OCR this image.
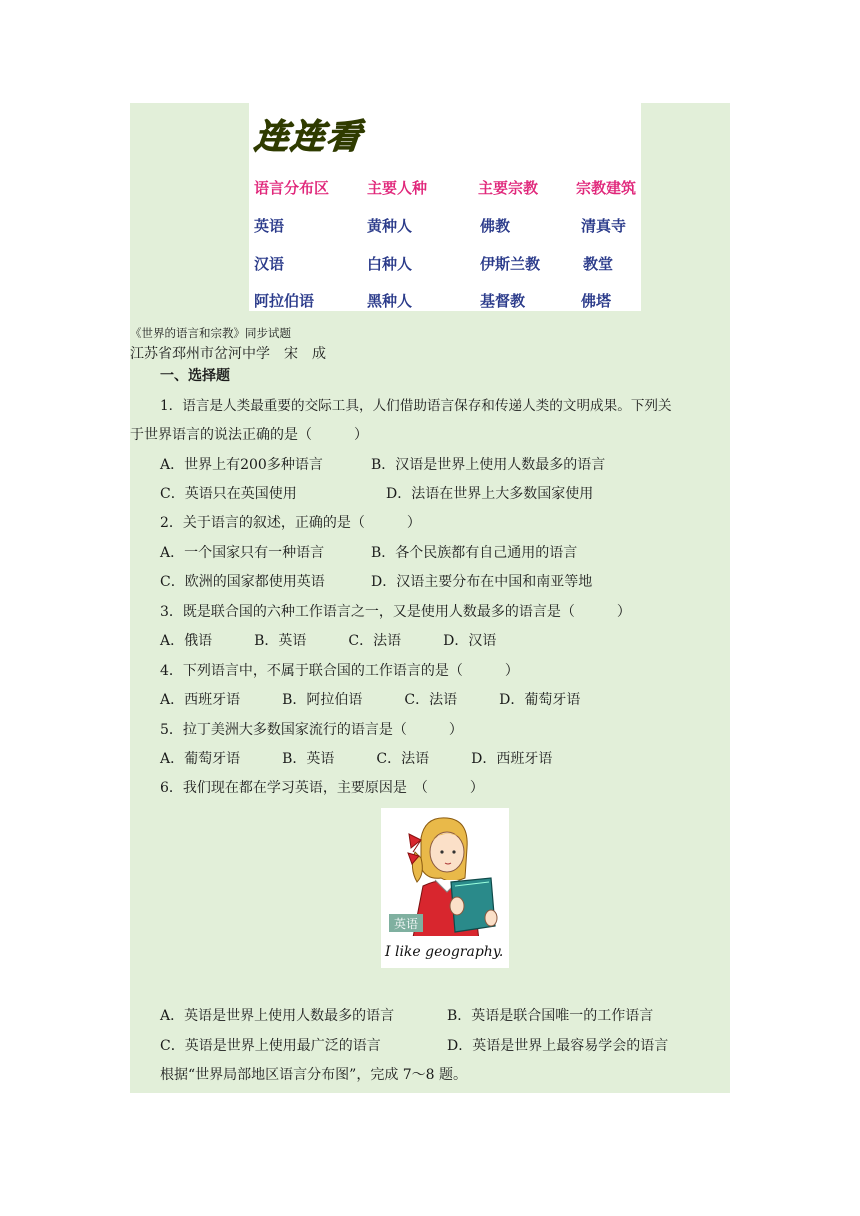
连连看
语言分布区	主要人种	主要宗教	宗教建筑
英语	黄种人	佛教	清真寺
汉语	白种人	伊斯兰教	教堂
阿拉伯语	黑种人	基督教	佛塔
《世界的语言和宗教》同步试题
江苏省邳州市岔河中学　宋　成
一、选择题
1．语言是人类最重要的交际工具，人们借助语言保存和传递人类的文明成果。下列关
于世界语言的说法正确的是（　　　）
A．世界上有200多种语言	B．汉语是世界上使用人数最多的语言
C．英语只在英国使用	D．法语在世界上大多数国家使用
2．关于语言的叙述，正确的是（　　　）
A．一个国家只有一种语言	B．各个民族都有自己通用的语言
C．欧洲的国家都使用英语	D．汉语主要分布在中国和南亚等地
3．既是联合国的六种工作语言之一，又是使用人数最多的语言是（　　　）
A．俄语　　　B．英语　　　C．法语　　　D．汉语
4．下列语言中，不属于联合国的工作语言的是（　　　）
A．西班牙语　　　B．阿拉伯语　　　C．法语　　　D．葡萄牙语
5．拉丁美洲大多数国家流行的语言是（　　　）
A．葡萄牙语　　　B．英语　　　C．法语　　　D．西班牙语
6．我们现在都在学习英语，主要原因是　（　　　）
英语
I like geography.
A．英语是世界上使用人数最多的语言	B．英语是联合国唯一的工作语言
C．英语是世界上使用最广泛的语言	D．英语是世界上最容易学会的语言
根据“世界局部地区语言分布图”，完成 7～8 题。
